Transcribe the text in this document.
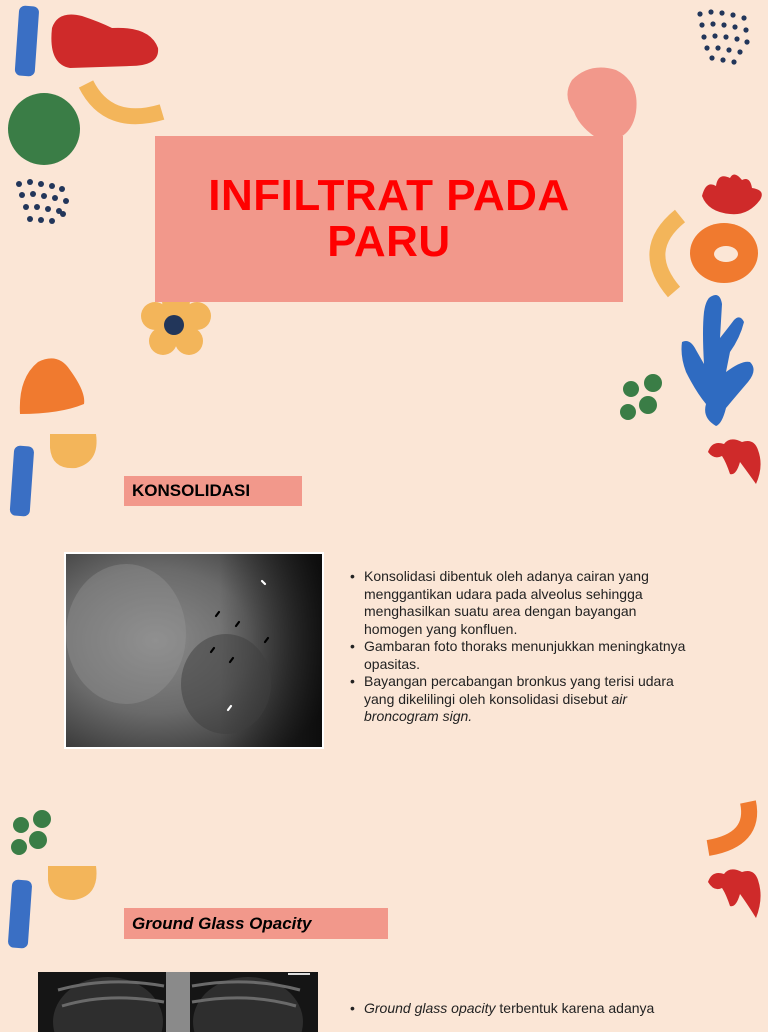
INFILTRAT PADA
PARU
KONSOLIDASI
• Konsolidasi dibentuk oleh adanya cairan yang menggantikan udara pada alveolus sehingga menghasilkan suatu area dengan bayangan homogen yang konfluen.
• Gambaran foto thoraks menunjukkan meningkatnya opasitas.
• Bayangan percabangan bronkus yang terisi udara yang dikelilingi oleh konsolidasi disebut air broncogram sign.
Ground Glass Opacity
• Ground glass opacity terbentuk karena adanya
